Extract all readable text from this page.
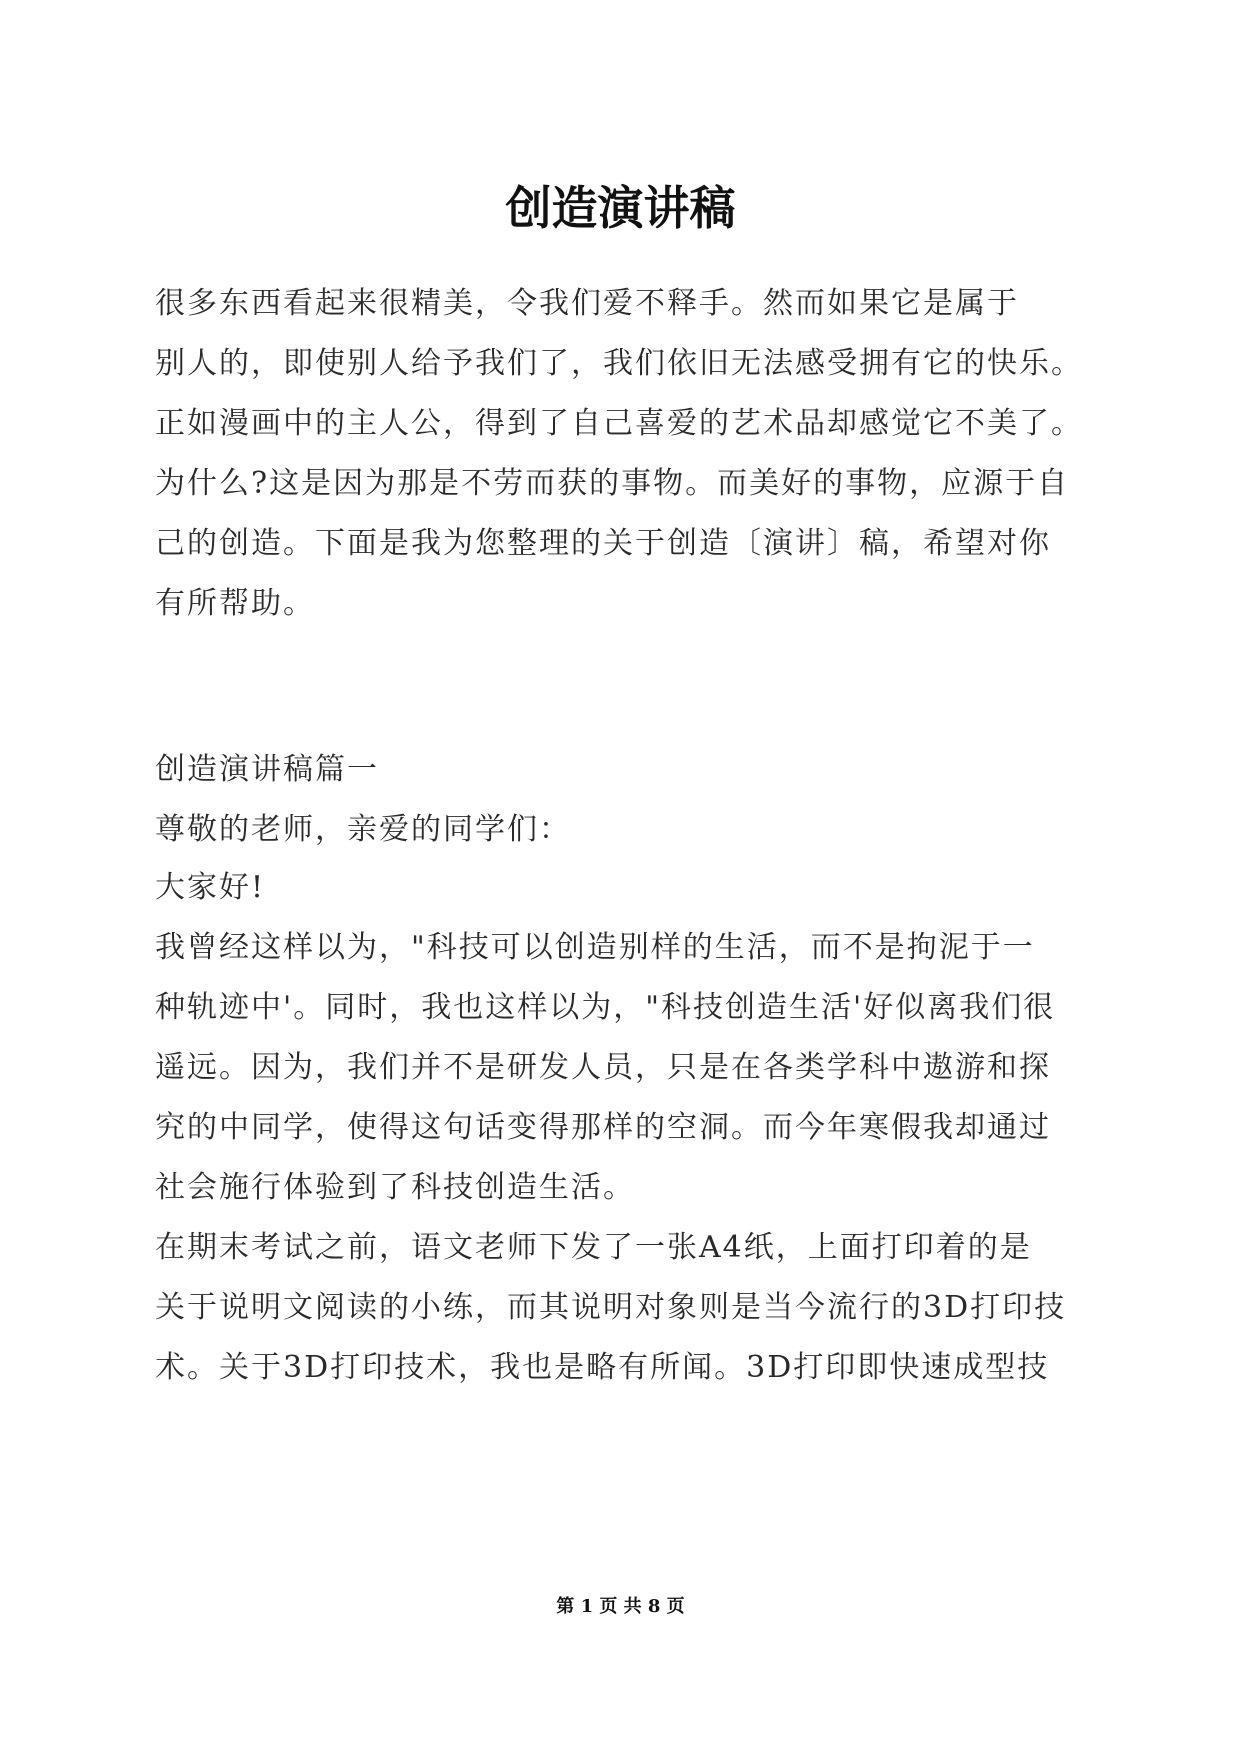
创造演讲稿
很多东西看起来很精美，令我们爱不释手。然而如果它是属于
别人的，即使别人给予我们了，我们依旧无法感受拥有它的快乐。
正如漫画中的主人公，得到了自己喜爱的艺术品却感觉它不美了。
为什么?这是因为那是不劳而获的事物。而美好的事物，应源于自
己的创造。下面是我为您整理的关于创造〔演讲〕稿，希望对你
有所帮助。
创造演讲稿篇一
尊敬的老师，亲爱的同学们：
大家好!
我曾经这样以为，"科技可以创造别样的生活，而不是拘泥于一
种轨迹中'。同时，我也这样以为，"科技创造生活'好似离我们很
遥远。因为，我们并不是研发人员，只是在各类学科中遨游和探
究的中同学，使得这句话变得那样的空洞。而今年寒假我却通过
社会施行体验到了科技创造生活。
在期末考试之前，语文老师下发了一张A4纸，上面打印着的是
关于说明文阅读的小练，而其说明对象则是当今流行的3D打印技
术。关于3D打印技术，我也是略有所闻。3D打印即快速成型技
第 1 页 共 8 页
